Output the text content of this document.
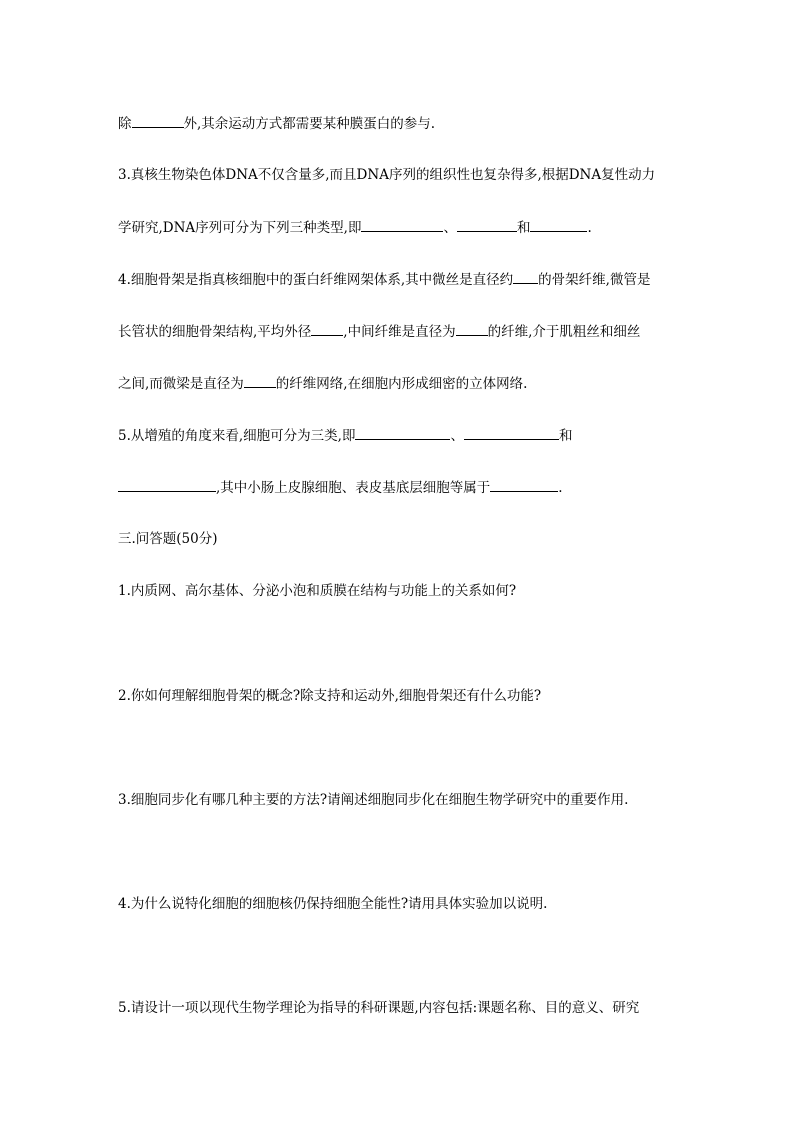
除	外,其余运动方式都需要某种膜蛋白的参与.
3.真核生物染色体DNA不仅含量多,而且DNA序列的组织性也复杂得多,根据DNA复性动力
学研究,DNA序列可分为下列三种类型,即	、	和	.
4.细胞骨架是指真核细胞中的蛋白纤维网架体系,其中微丝是直径约 的骨架纤维,微管是
长管状的细胞骨架结构,平均外径 ,中间纤维是直径为 的纤维,介于肌粗丝和细丝
之间,而微梁是直径为 的纤维网络,在细胞内形成细密的立体网络.
5.从增殖的角度来看,细胞可分为三类,即	、	和
,其中小肠上皮腺细胞、表皮基底层细胞等属于	.
三.问答题(50分)
1.内质网、高尔基体、分泌小泡和质膜在结构与功能上的关系如何?
2.你如何理解细胞骨架的概念?除支持和运动外,细胞骨架还有什么功能?
3.细胞同步化有哪几种主要的方法?请阐述细胞同步化在细胞生物学研究中的重要作用.
4.为什么说特化细胞的细胞核仍保持细胞全能性?请用具体实验加以说明.
5.请设计一项以现代生物学理论为指导的科研课题,内容包括:课题名称、目的意义、研究
